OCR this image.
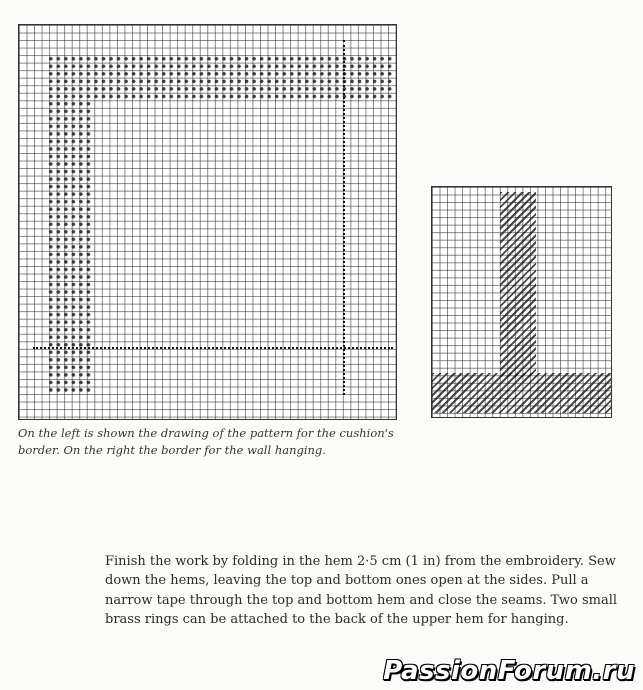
On the left is shown the drawing of the pattern for the cushion's
border. On the right the border for the wall hanging.

Finish the work by folding in the hem 2·5 cm (1 in) from the embroidery. Sew down the hems, leaving the top and bottom ones open at the sides. Pull a narrow tape through the top and bottom hem and close the seams. Two small brass rings can be attached to the back of the upper hem for hanging.

PassionForum.ru
